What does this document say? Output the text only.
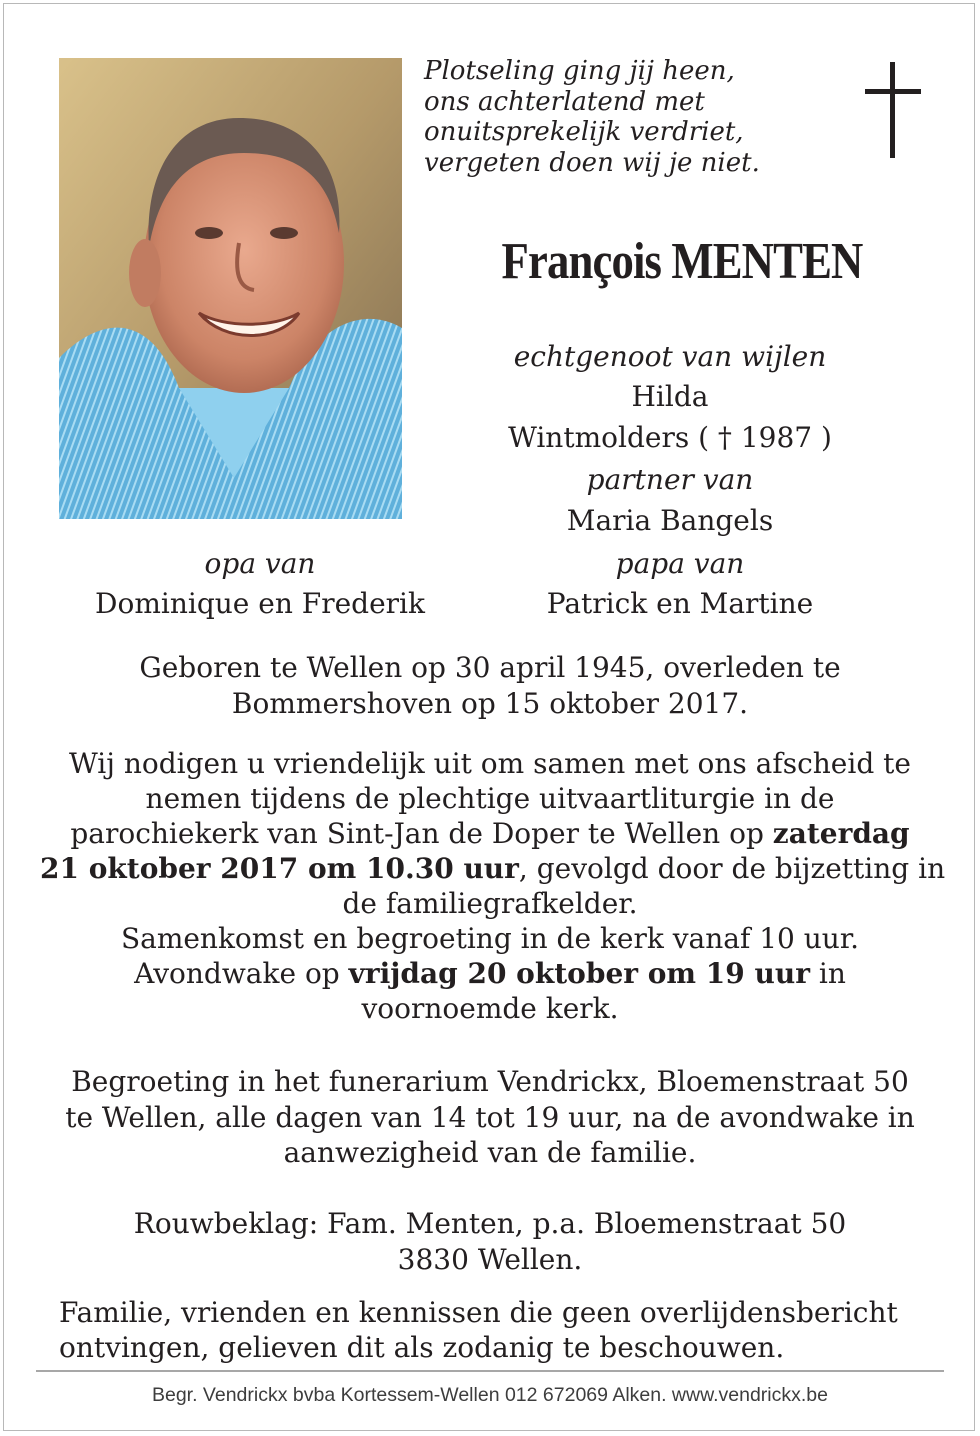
Plotseling ging jij heen,
ons achterlatend met
onuitsprekelijk verdriet,
vergeten doen wij je niet.
François MENTEN
echtgenoot van wijlen
Hilda
Wintmolders ( † 1987 )
partner van
Maria Bangels
opa van
Dominique en Frederik
papa van
Patrick en Martine
Geboren te Wellen op 30 april 1945, overleden te
Bommershoven op 15 oktober 2017.
Wij nodigen u vriendelijk uit om samen met ons afscheid te
nemen tijdens de plechtige uitvaartliturgie in de
parochiekerk van Sint-Jan de Doper te Wellen op zaterdag
21 oktober 2017 om 10.30 uur, gevolgd door de bijzetting in
de familiegrafkelder.
Samenkomst en begroeting in de kerk vanaf 10 uur.
Avondwake op vrijdag 20 oktober om 19 uur in
voornoemde kerk.
Begroeting in het funerarium Vendrickx, Bloemenstraat 50
te Wellen, alle dagen van 14 tot 19 uur, na de avondwake in
aanwezigheid van de familie.
Rouwbeklag: Fam. Menten, p.a. Bloemenstraat 50
3830 Wellen.
Familie, vrienden en kennissen die geen overlijdensbericht
ontvingen, gelieven dit als zodanig te beschouwen.
Begr. Vendrickx bvba Kortessem-Wellen 012 672069 Alken. www.vendrickx.be
